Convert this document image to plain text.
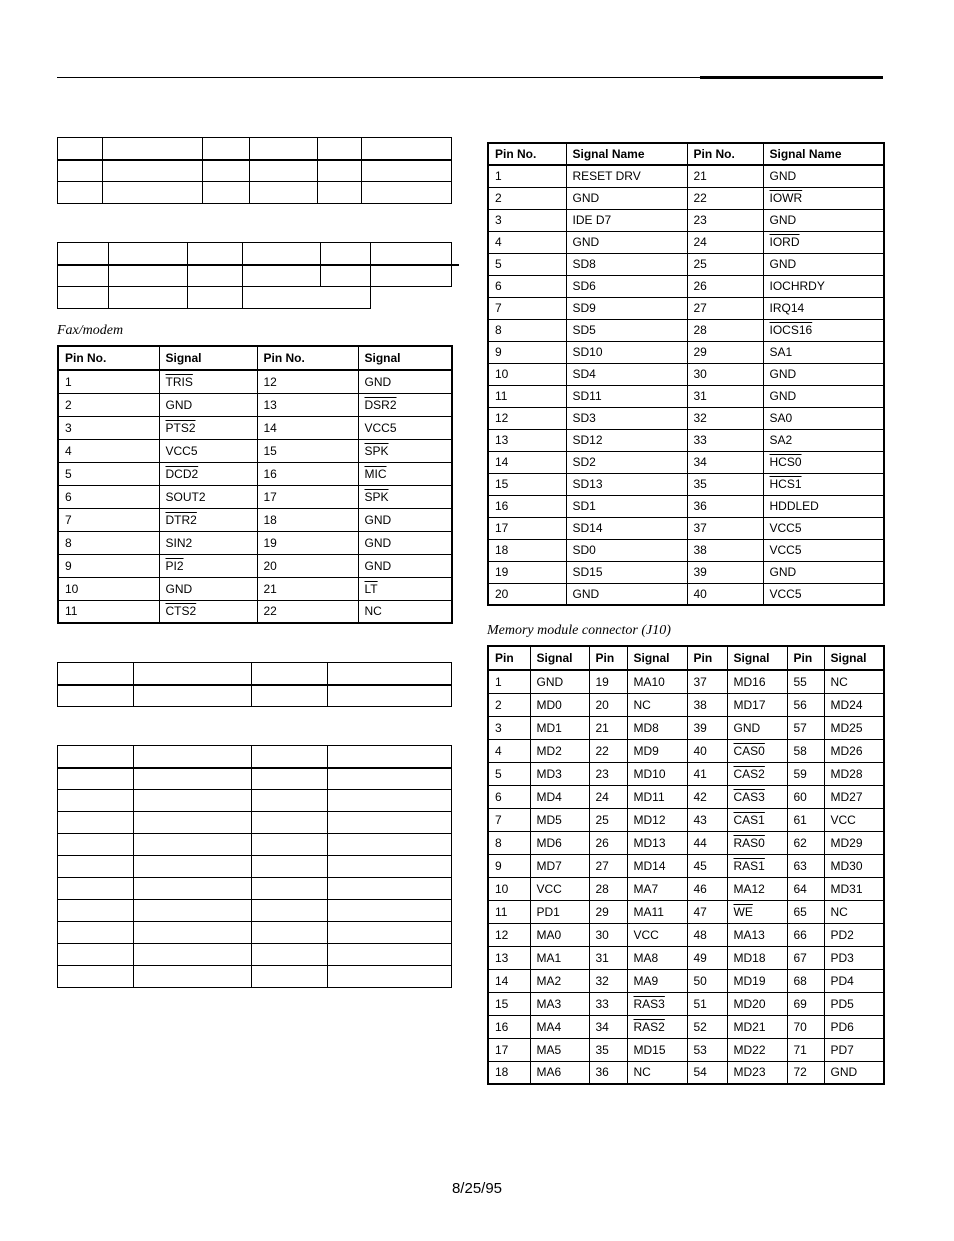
Fax/modem
Pin No.	Signal	Pin No.	Signal
1	TRIS	12	GND
2	GND	13	DSR2
3	PTS2	14	VCC5
4	VCC5	15	$\overline{SPK}$
5	DCD2	16	$\overline{MIC}$
6	SOUT2	17	$\overline{SPK}$
7	DTR2	18	GND
8	SIN2	19	GND
9	PI2	20	GND
10	GND	21	$\overline{LT}$
11	CTS2	22	NC

Pin No.	Signal Name	Pin No.	Signal Name
1	RESET DRV	21	GND
2	GND	22	IOWR
3	IDE D7	23	GND
4	GND	24	IORD
5	SD8	25	GND
6	SD6	26	IOCHRDY
7	SD9	27	IRQ14
8	SD5	28	IOCS16
9	SD10	29	SA1
10	SD4	30	GND
11	SD11	31	GND
12	SD3	32	SA0
13	SD12	33	SA2
14	SD2	34	HCS0
15	SD13	35	HCS1
16	SD1	36	HDDLED
17	SD14	37	VCC5
18	SD0	38	VCC5
19	SD15	39	GND
20	GND	40	VCC5
Memory module connector (J10)
Pin	Signal	Pin	Signal	Pin	Signal	Pin	Signal
1	GND	19	MA10	37	MD16	55	NC
2	MD0	20	NC	38	MD17	56	MD24
3	MD1	21	MD8	39	GND	57	MD25
4	MD2	22	MD9	40	CAS0	58	MD26
5	MD3	23	MD10	41	CAS2	59	MD28
6	MD4	24	MD11	42	CAS3	60	MD27
7	MD5	25	MD12	43	CAS1	61	VCC
8	MD6	26	MD13	44	RAS0	62	MD29
9	MD7	27	MD14	45	RAS1	63	MD30
10	VCC	28	MA7	46	MA12	64	MD31
11	PD1	29	MA11	47	$\overline{WE}$	65	NC
12	MA0	30	VCC	48	MA13	66	PD2
13	MA1	31	MA8	49	MD18	67	PD3
14	MA2	32	MA9	50	MD19	68	PD4
15	MA3	33	RAS3	51	MD20	69	PD5
16	MA4	34	RAS2	52	MD21	70	PD6
17	MA5	35	MD15	53	MD22	71	PD7
18	MA6	36	NC	54	MD23	72	GND
8/25/95
